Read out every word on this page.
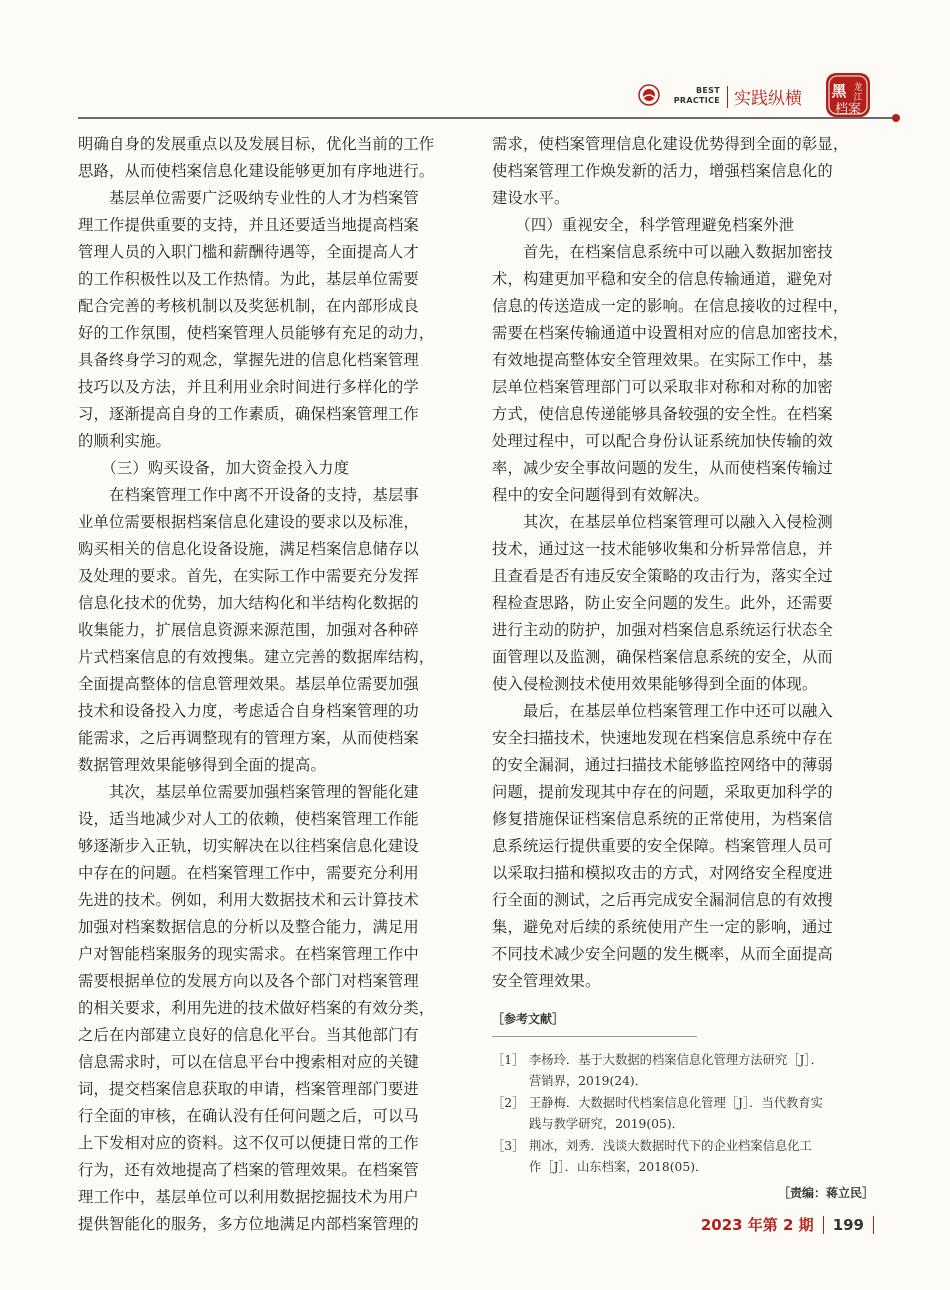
BEST
PRACTICE 实践纵横 黑 龙
江
档案

明确自身的发展重点以及发展目标，优化当前的工作

思路，从而使档案信息化建设能够更加有序地进行。

　　基层单位需要广泛吸纳专业性的人才为档案管

理工作提供重要的支持，并且还要适当地提高档案

管理人员的入职门槛和薪酬待遇等，全面提高人才

的工作积极性以及工作热情。为此，基层单位需要

配合完善的考核机制以及奖惩机制，在内部形成良

好的工作氛围，使档案管理人员能够有充足的动力，

具备终身学习的观念，掌握先进的信息化档案管理

技巧以及方法，并且利用业余时间进行多样化的学

习，逐渐提高自身的工作素质，确保档案管理工作

的顺利实施。

　　（三）购买设备，加大资金投入力度

　　在档案管理工作中离不开设备的支持，基层事

业单位需要根据档案信息化建设的要求以及标准，

购买相关的信息化设备设施，满足档案信息储存以

及处理的要求。首先，在实际工作中需要充分发挥

信息化技术的优势，加大结构化和半结构化数据的

收集能力，扩展信息资源来源范围，加强对各种碎

片式档案信息的有效搜集。建立完善的数据库结构，

全面提高整体的信息管理效果。基层单位需要加强

技术和设备投入力度，考虑适合自身档案管理的功

能需求，之后再调整现有的管理方案，从而使档案

数据管理效果能够得到全面的提高。

　　其次，基层单位需要加强档案管理的智能化建

设，适当地减少对人工的依赖，使档案管理工作能

够逐渐步入正轨，切实解决在以往档案信息化建设

中存在的问题。在档案管理工作中，需要充分利用

先进的技术。例如，利用大数据技术和云计算技术

加强对档案数据信息的分析以及整合能力，满足用

户对智能档案服务的现实需求。在档案管理工作中

需要根据单位的发展方向以及各个部门对档案管理

的相关要求，利用先进的技术做好档案的有效分类，

之后在内部建立良好的信息化平台。当其他部门有

信息需求时，可以在信息平台中搜索相对应的关键

词，提交档案信息获取的申请，档案管理部门要进

行全面的审核，在确认没有任何问题之后，可以马

上下发相对应的资料。这不仅可以便捷日常的工作

行为，还有效地提高了档案的管理效果。在档案管

理工作中，基层单位可以利用数据挖掘技术为用户

提供智能化的服务，多方位地满足内部档案管理的

需求，使档案管理信息化建设优势得到全面的彰显，

使档案管理工作焕发新的活力，增强档案信息化的

建设水平。

　　（四）重视安全，科学管理避免档案外泄

　　首先，在档案信息系统中可以融入数据加密技

术，构建更加平稳和安全的信息传输通道，避免对

信息的传送造成一定的影响。在信息接收的过程中，

需要在档案传输通道中设置相对应的信息加密技术，

有效地提高整体安全管理效果。在实际工作中，基

层单位档案管理部门可以采取非对称和对称的加密

方式，使信息传递能够具备较强的安全性。在档案

处理过程中，可以配合身份认证系统加快传输的效

率，减少安全事故问题的发生，从而使档案传输过

程中的安全问题得到有效解决。

　　其次，在基层单位档案管理可以融入入侵检测

技术，通过这一技术能够收集和分析异常信息，并

且查看是否有违反安全策略的攻击行为，落实全过

程检查思路，防止安全问题的发生。此外，还需要

进行主动的防护，加强对档案信息系统运行状态全

面管理以及监测，确保档案信息系统的安全，从而

使入侵检测技术使用效果能够得到全面的体现。

　　最后，在基层单位档案管理工作中还可以融入

安全扫描技术，快速地发现在档案信息系统中存在

的安全漏洞，通过扫描技术能够监控网络中的薄弱

问题，提前发现其中存在的问题，采取更加科学的

修复措施保证档案信息系统的正常使用，为档案信

息系统运行提供重要的安全保障。档案管理人员可

以采取扫描和模拟攻击的方式，对网络安全程度进

行全面的测试，之后再完成安全漏洞信息的有效搜

集，避免对后续的系统使用产生一定的影响，通过

不同技术减少安全问题的发生概率，从而全面提高

安全管理效果。

［参考文献］
［1］ 李杨玲．基于大数据的档案信息化管理方法研究［J］．
营销界，2019(24)．
［2］ 王静梅．大数据时代档案信息化管理［J］．当代教育实
践与教学研究，2019(05)．
［3］ 荆冰，刘秀．浅谈大数据时代下的企业档案信息化工
作［J］．山东档案，2018(05)．
［责编：蒋立民］
2023 年第 2 期 199
